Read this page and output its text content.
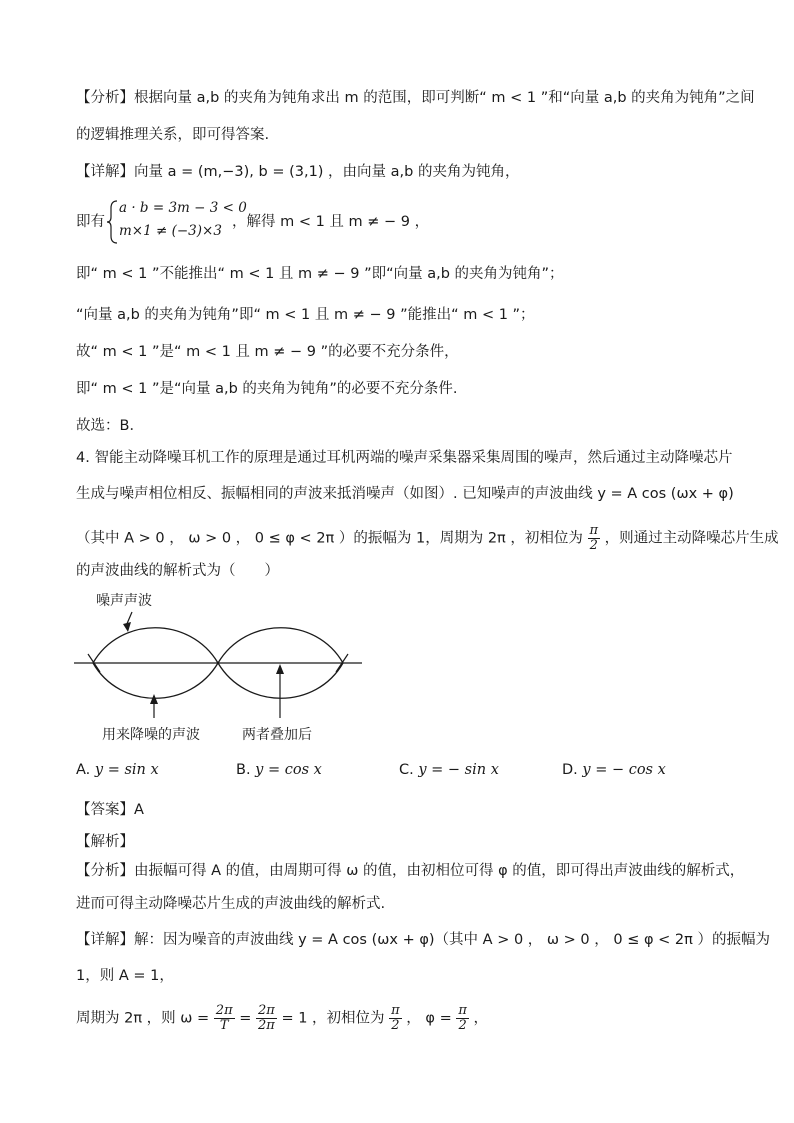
【分析】根据向量 a,b 的夹角为钝角求出 m 的范围，即可判断“ m < 1 ”和“向量 a,b 的夹角为钝角”之间
的逻辑推理关系，即可得答案.
【详解】向量 a = (m,−3), b = (3,1) ，由向量 a,b 的夹角为钝角，
即有
a · b = 3m − 3 < 0
m×1 ≠ (−3)×3
，解得 m < 1 且 m ≠ − 9 ，
即“ m < 1 ”不能推出“ m < 1 且 m ≠ − 9 ”即“向量 a,b 的夹角为钝角”；
“向量 a,b 的夹角为钝角”即“ m < 1 且 m ≠ − 9 ”能推出“ m < 1 ”；
故“ m < 1 ”是“ m < 1 且 m ≠ − 9 ”的必要不充分条件，
即“ m < 1 ”是“向量 a,b 的夹角为钝角”的必要不充分条件.
故选：B．
4. 智能主动降噪耳机工作的原理是通过耳机两端的噪声采集器采集周围的噪声，然后通过主动降噪芯片
生成与噪声相位相反、振幅相同的声波来抵消噪声（如图）. 已知噪声的声波曲线 y = A cos (ωx + φ)
（其中 A > 0 ， ω > 0 ， 0 ≤ φ < 2π ）的振幅为 1，周期为 2π ，初相位为 $\frac{\pi}{2}$ ，则通过主动降噪芯片生成
的声波曲线的解析式为（　　）
噪声声波
用来降噪的声波	两者叠加后
A. y = sin x	B. y = cos x	C. y = − sin x	D. y = − cos x
【答案】A
【解析】
【分析】由振幅可得 A 的值，由周期可得 ω 的值，由初相位可得 φ 的值，即可得出声波曲线的解析式，
进而可得主动降噪芯片生成的声波曲线的解析式.
【详解】解：因为噪音的声波曲线 y = A cos (ωx + φ)（其中 A > 0 ， ω > 0 ， 0 ≤ φ < 2π ）的振幅为
1，则 A = 1，
周期为 2π ，则 $\omega = \frac{2\pi}{T} = \frac{2\pi}{2\pi} = 1$ ，初相位为 $\frac{\pi}{2}$ ， $\varphi = \frac{\pi}{2}$ ，
